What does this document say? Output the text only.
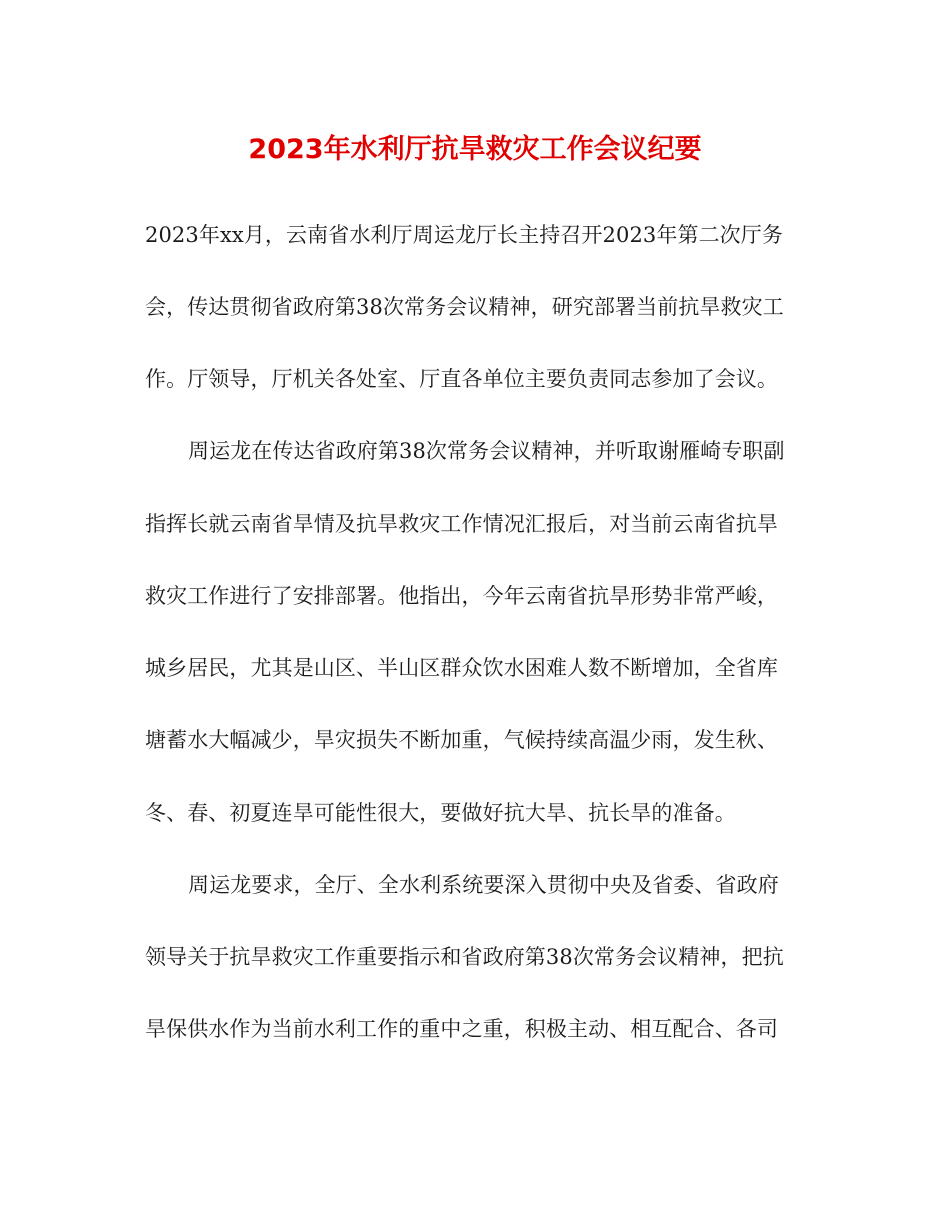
2023年水利厅抗旱救灾工作会议纪要
2023年xx月，云南省水利厅周运龙厅长主持召开2023年第二次厅务
会，传达贯彻省政府第38次常务会议精神，研究部署当前抗旱救灾工
作。厅领导，厅机关各处室、厅直各单位主要负责同志参加了会议。
周运龙在传达省政府第38次常务会议精神，并听取谢雁崎专职副
指挥长就云南省旱情及抗旱救灾工作情况汇报后，对当前云南省抗旱
救灾工作进行了安排部署。他指出，今年云南省抗旱形势非常严峻，
城乡居民，尤其是山区、半山区群众饮水困难人数不断增加，全省库
塘蓄水大幅减少，旱灾损失不断加重，气候持续高温少雨，发生秋、
冬、春、初夏连旱可能性很大，要做好抗大旱、抗长旱的准备。
周运龙要求，全厅、全水利系统要深入贯彻中央及省委、省政府
领导关于抗旱救灾工作重要指示和省政府第38次常务会议精神，把抗
旱保供水作为当前水利工作的重中之重，积极主动、相互配合、各司
